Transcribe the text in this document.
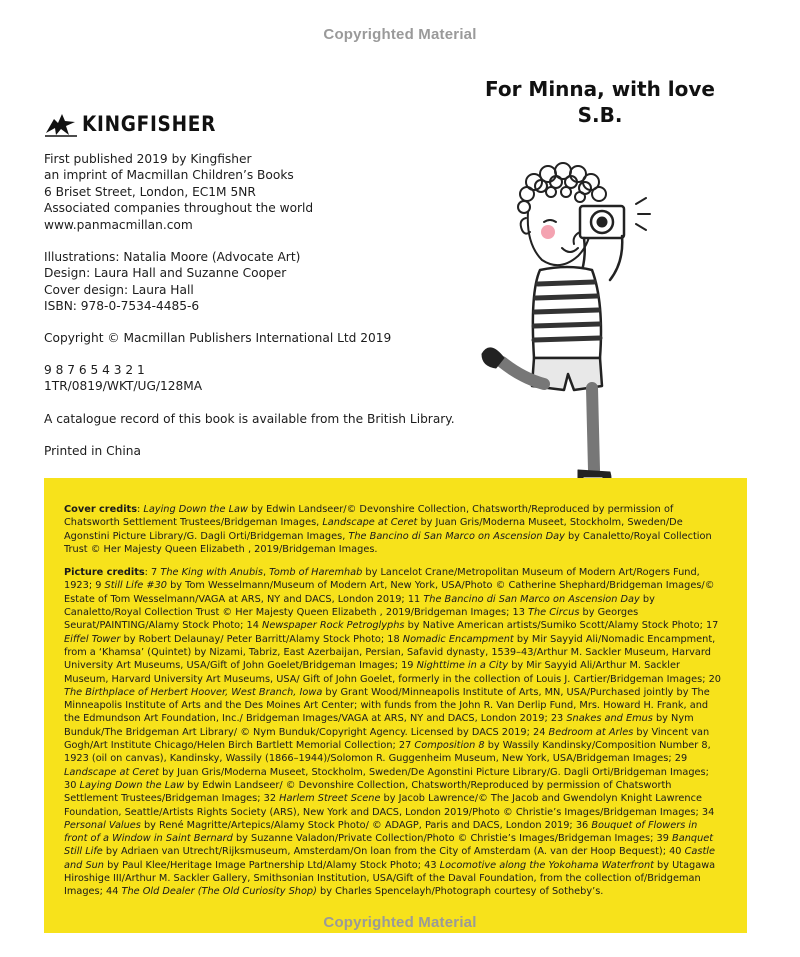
Copyrighted Material
For Minna, with love
S.B.
KINGFISHER
First published 2019 by Kingfisher
an imprint of Macmillan Children’s Books
6 Briset Street, London, EC1M 5NR
Associated companies throughout the world
www.panmacmillan.com
Illustrations: Natalia Moore (Advocate Art)
Design: Laura Hall and Suzanne Cooper
Cover design: Laura Hall
ISBN: 978-0-7534-4485-6
Copyright © Macmillan Publishers International Ltd 2019
9 8 7 6 5 4 3 2 1
1TR/0819/WKT/UG/128MA
A catalogue record of this book is available from the British Library.
Printed in China

Cover credits: Laying Down the Law by Edwin Landseer/© Devonshire Collection, Chatsworth/Reproduced by permission of Chatsworth Settlement Trustees/Bridgeman Images, Landscape at Ceret by Juan Gris/Moderna Museet, Stockholm, Sweden/De Agonstini Picture Library/G. Dagli Orti/Bridgeman Images, The Bancino di San Marco on Ascension Day by Canaletto/Royal Collection Trust © Her Majesty Queen Elizabeth , 2019/Bridgeman Images.

Picture credits: 7 The King with Anubis, Tomb of Haremhab by Lancelot Crane/Metropolitan Museum of Modern Art/Rogers Fund, 1923; 9 Still Life #30 by Tom Wesselmann/Museum of Modern Art, New York, USA/Photo © Catherine Shephard/Bridgeman Images/© Estate of Tom Wesselmann/VAGA at ARS, NY and DACS, London 2019; 11 The Bancino di San Marco on Ascension Day by Canaletto/Royal Collection Trust © Her Majesty Queen Elizabeth , 2019/Bridgeman Images; 13 The Circus by Georges Seurat/PAINTING/Alamy Stock Photo; 14 Newspaper Rock Petroglyphs by Native American artists/Sumiko Scott/Alamy Stock Photo; 17 Eiffel Tower by Robert Delaunay/ Peter Barritt/Alamy Stock Photo; 18 Nomadic Encampment by Mir Sayyid Ali/Nomadic Encampment, from a ‘Khamsa’ (Quintet) by Nizami, Tabriz, East Azerbaijan, Persian, Safavid dynasty, 1539–43/Arthur M. Sackler Museum, Harvard University Art Museums, USA/Gift of John Goelet/Bridgeman Images; 19 Nighttime in a City by Mir Sayyid Ali/Arthur M. Sackler Museum, Harvard University Art Museums, USA/ Gift of John Goelet, formerly in the collection of Louis J. Cartier/Bridgeman Images; 20 The Birthplace of Herbert Hoover, West Branch, Iowa by Grant Wood/Minneapolis Institute of Arts, MN, USA/Purchased jointly by The Minneapolis Institute of Arts and the Des Moines Art Center; with funds from the John R. Van Derlip Fund, Mrs. Howard H. Frank, and the Edmundson Art Foundation, Inc./ Bridgeman Images/VAGA at ARS, NY and DACS, London 2019; 23 Snakes and Emus by Nym Bunduk/The Bridgeman Art Library/ © Nym Bunduk/Copyright Agency. Licensed by DACS 2019; 24 Bedroom at Arles by Vincent van Gogh/Art Institute Chicago/Helen Birch Bartlett Memorial Collection; 27 Composition 8 by Wassily Kandinsky/Composition Number 8, 1923 (oil on canvas), Kandinsky, Wassily (1866–1944)/Solomon R. Guggenheim Museum, New York, USA/Bridgeman Images; 29 Landscape at Ceret by Juan Gris/Moderna Museet, Stockholm, Sweden/De Agonstini Picture Library/G. Dagli Orti/Bridgeman Images; 30 Laying Down the Law by Edwin Landseer/ © Devonshire Collection, Chatsworth/Reproduced by permission of Chatsworth Settlement Trustees/Bridgeman Images; 32 Harlem Street Scene by Jacob Lawrence/© The Jacob and Gwendolyn Knight Lawrence Foundation, Seattle/Artists Rights Society (ARS), New York and DACS, London 2019/Photo © Christie’s Images/Bridgeman Images; 34 Personal Values by René Magritte/Artepics/Alamy Stock Photo/ © ADAGP, Paris and DACS, London 2019; 36 Bouquet of Flowers in front of a Window in Saint Bernard by Suzanne Valadon/Private Collection/Photo © Christie’s Images/Bridgeman Images; 39 Banquet Still Life by Adriaen van Utrecht/Rijksmuseum, Amsterdam/On loan from the City of Amsterdam (A. van der Hoop Bequest); 40 Castle and Sun by Paul Klee/Heritage Image Partnership Ltd/Alamy Stock Photo; 43 Locomotive along the Yokohama Waterfront by Utagawa Hiroshige III/Arthur M. Sackler Gallery, Smithsonian Institution, USA/Gift of the Daval Foundation, from the collection of/Bridgeman Images; 44 The Old Dealer (The Old Curiosity Shop) by Charles Spencelayh/Photograph courtesy of Sotheby’s.

Copyrighted Material
